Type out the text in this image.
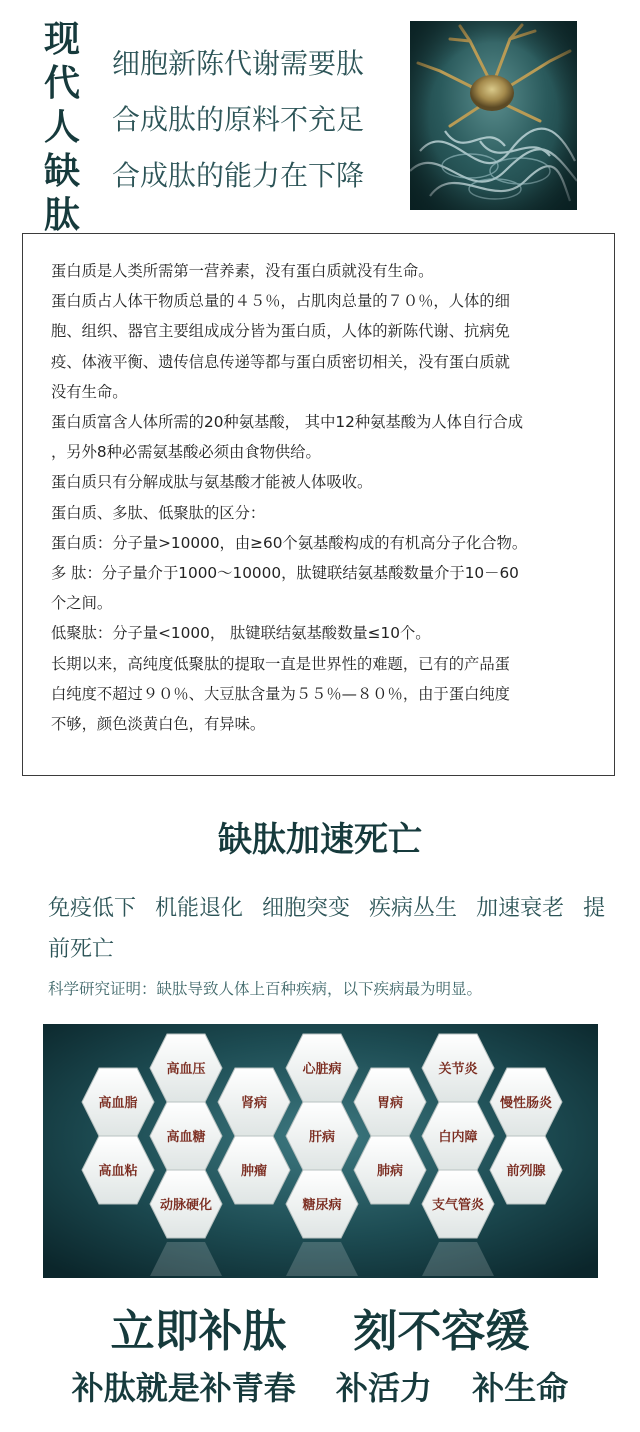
现
代
人
缺
肽
细胞新陈代谢需要肽
合成肽的原料不充足
合成肽的能力在下降

蛋白质是人类所需第一营养素，没有蛋白质就没有生命。

蛋白质占人体干物质总量的４５％，占肌肉总量的７０％，人体的细

胞、组织、器官主要组成成分皆为蛋白质，人体的新陈代谢、抗病免

疫、体液平衡、遗传信息传递等都与蛋白质密切相关，没有蛋白质就

没有生命。

蛋白质富含人体所需的20种氨基酸， 其中12种氨基酸为人体自行合成

，另外8种必需氨基酸必须由食物供给。

蛋白质只有分解成肽与氨基酸才能被人体吸收。

蛋白质、多肽、低聚肽的区分：

蛋白质：分子量>10000，由≥60个氨基酸构成的有机高分子化合物。

多 肽：分子量介于1000～10000，肽键联结氨基酸数量介于10－60

个之间。

低聚肽：分子量<1000， 肽键联结氨基酸数量≤10个。

长期以来，高纯度低聚肽的提取一直是世界性的难题，已有的产品蛋

白纯度不超过９０％、大豆肽含量为５５％—８０％，由于蛋白纯度

不够，颜色淡黄白色，有异味。

缺肽加速死亡
免疫低下 机能退化 细胞突变 疾病丛生 加速衰老 提前死亡
科学研究证明：缺肽导致人体上百种疾病，以下疾病最为明显。
高血压	心脏病	关节炎
高血脂	肾病	胃病	慢性肠炎
高血糖	肝病	白内障
高血粘	肿瘤	肺病	前列腺
动脉硬化	糖尿病	支气管炎
立即补肽 刻不容缓
补肽就是补青春 补活力 补生命
